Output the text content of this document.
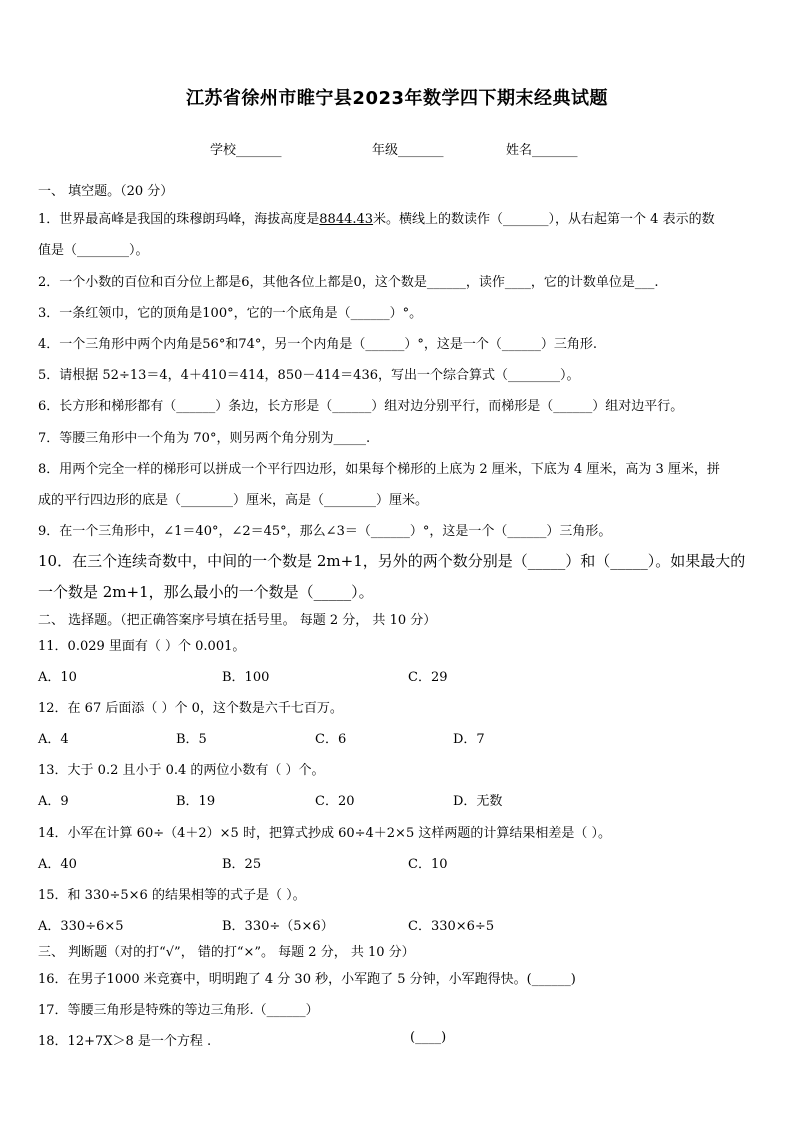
江苏省徐州市睢宁县2023年数学四下期末经典试题
学校_______	年级_______	姓名_______
一、 填空题。（20 分）
1．世界最高峰是我国的珠穆朗玛峰，海拔高度是8844.43米。横线上的数读作（_______），从右起第一个 4 表示的数
值是（________）。
2．一个小数的百位和百分位上都是6，其他各位上都是0，这个数是______，读作____，它的计数单位是___.
3．一条红领巾，它的顶角是100°，它的一个底角是（______）°。
4．一个三角形中两个内角是56°和74°，另一个内角是（______）°，这是一个（______）三角形.
5．请根据 52÷13＝4，4＋410＝414，850－414＝436，写出一个综合算式（________）。
6．长方形和梯形都有（______）条边，长方形是（______）组对边分别平行，而梯形是（______）组对边平行。
7．等腰三角形中一个角为 70°，则另两个角分别为_____.
8．用两个完全一样的梯形可以拼成一个平行四边形，如果每个梯形的上底为 2 厘米，下底为 4 厘米，高为 3 厘米，拼
成的平行四边形的底是（________）厘米，高是（________）厘米。
9．在一个三角形中，∠1＝40°，∠2＝45°，那么∠3＝（______）°，这是一个（______）三角形。
10．在三个连续奇数中，中间的一个数是 2m+1，另外的两个数分别是（_____）和（_____）。如果最大的
一个数是 2m+1，那么最小的一个数是（_____）。
二、 选择题。（把正确答案序号填在括号里。 每题 2 分， 共 10 分）
11．0.029 里面有（ ）个 0.001。
A．10	B．100	C．29
12．在 67 后面添（ ）个 0，这个数是六千七百万。
A．4	B．5	C．6	D．7
13．大于 0.2 且小于 0.4 的两位小数有（ ）个。
A．9	B．19	C．20	D．无数
14．小军在计算 60÷（4＋2）×5 时，把算式抄成 60÷4＋2×5 这样两题的计算结果相差是（ ）。
A．40	B．25	C．10
15．和 330÷5×6 的结果相等的式子是（ ）。
A．330÷6×5	B．330÷（5×6）	C．330×6÷5
三、 判断题（对的打“√”， 错的打“×”。 每题 2 分， 共 10 分）
16．在男子1000 米竞赛中，明明跑了 4 分 30 秒，小军跑了 5 分钟，小军跑得快。(______)
17．等腰三角形是特殊的等边三角形.（______）
18．12+7X＞8 是一个方程 .	(____)
